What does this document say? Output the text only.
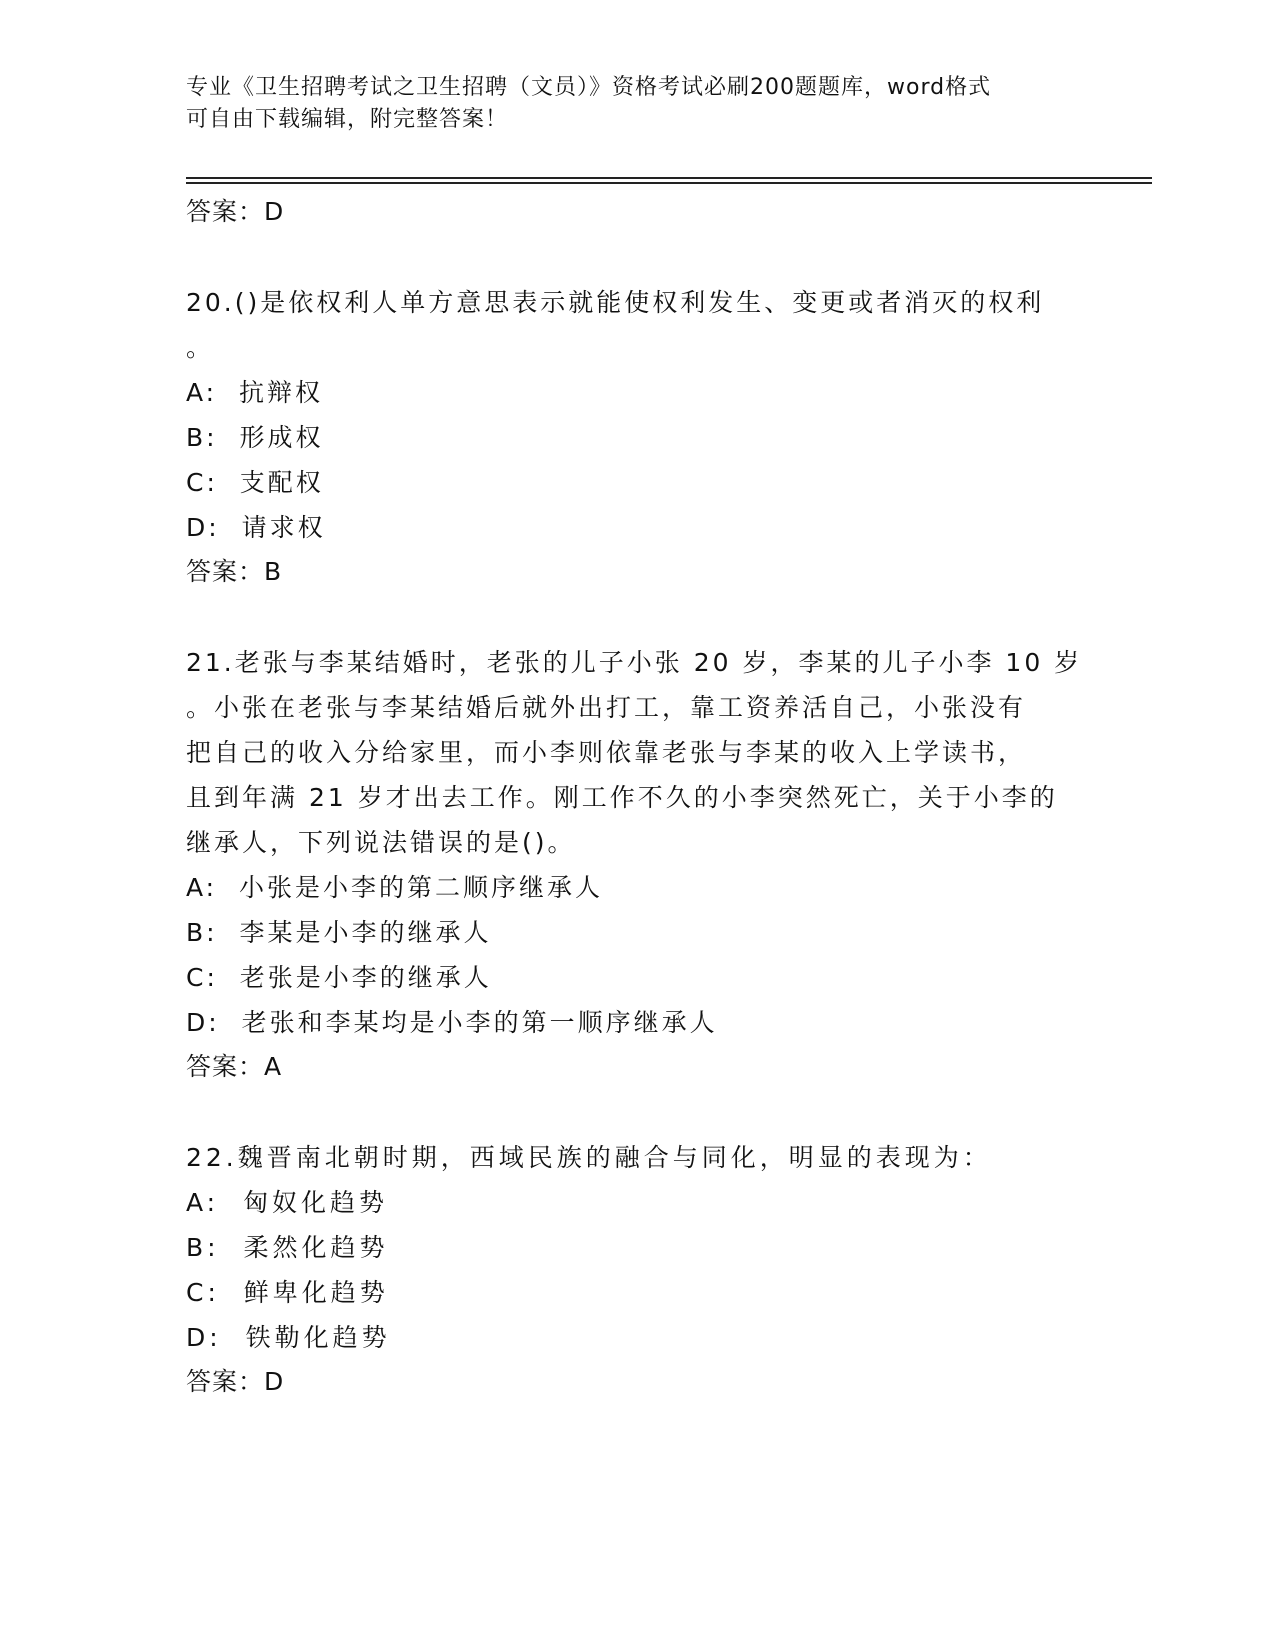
专业《卫生招聘考试之卫生招聘（文员）》资格考试必刷200题题库，word格式
可自由下载编辑，附完整答案！
答案：D
20.()是依权利人单方意思表示就能使权利发生、变更或者消灭的权利
。
A:  抗辩权
B:  形成权
C:  支配权
D:  请求权
答案：B
21.老张与李某结婚时，老张的儿子小张 20 岁，李某的儿子小李 10 岁
。小张在老张与李某结婚后就外出打工，靠工资养活自己，小张没有
把自己的收入分给家里，而小李则依靠老张与李某的收入上学读书，
且到年满 21 岁才出去工作。刚工作不久的小李突然死亡，关于小李的
继承人，下列说法错误的是()。
A:  小张是小李的第二顺序继承人
B:  李某是小李的继承人
C:  老张是小李的继承人
D:  老张和李某均是小李的第一顺序继承人
答案：A
22.魏晋南北朝时期，西域民族的融合与同化，明显的表现为：
A:  匈奴化趋势
B:  柔然化趋势
C:  鲜卑化趋势
D:  铁勒化趋势
答案：D
